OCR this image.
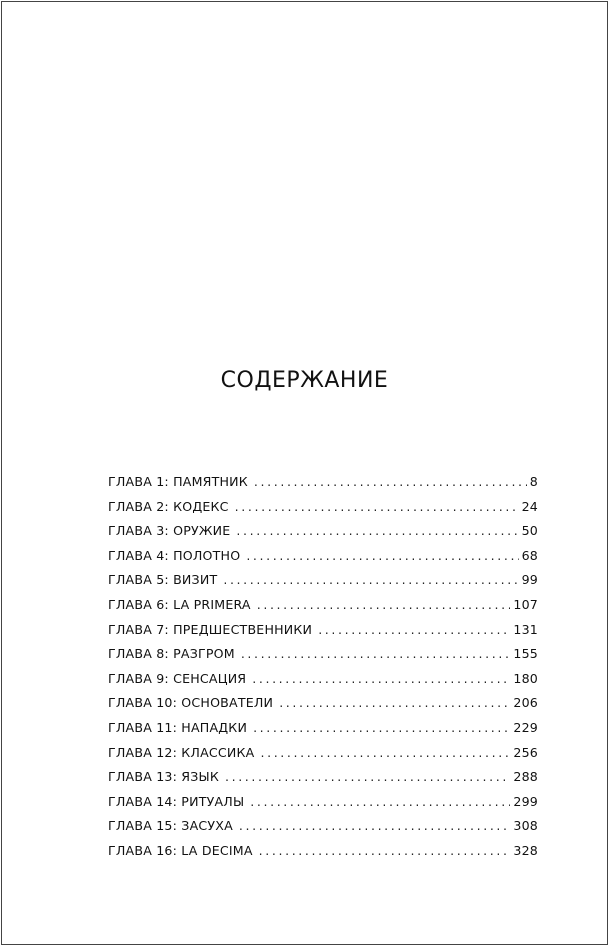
СОДЕРЖАНИЕ
ГЛАВА 1: ПАМЯТНИК .....	8
ГЛАВА 2: КОДЕКС .....	24
ГЛАВА 3: ОРУЖИЕ .....	50
ГЛАВА 4: ПОЛОТНО .....	68
ГЛАВА 5: ВИЗИТ .....	99
ГЛАВА 6: LA PRIMERA .....	107
ГЛАВА 7: ПРЕДШЕСТВЕННИКИ .....	131
ГЛАВА 8: РАЗГРОМ .....	155
ГЛАВА 9: СЕНСАЦИЯ .....	180
ГЛАВА 10: ОСНОВАТЕЛИ .....	206
ГЛАВА 11: НАПАДКИ .....	229
ГЛАВА 12: КЛАССИКА .....	256
ГЛАВА 13: ЯЗЫК .....	288
ГЛАВА 14: РИТУАЛЫ .....	299
ГЛАВА 15: ЗАСУХА .....	308
ГЛАВА 16: LA DECIMA .....	328
